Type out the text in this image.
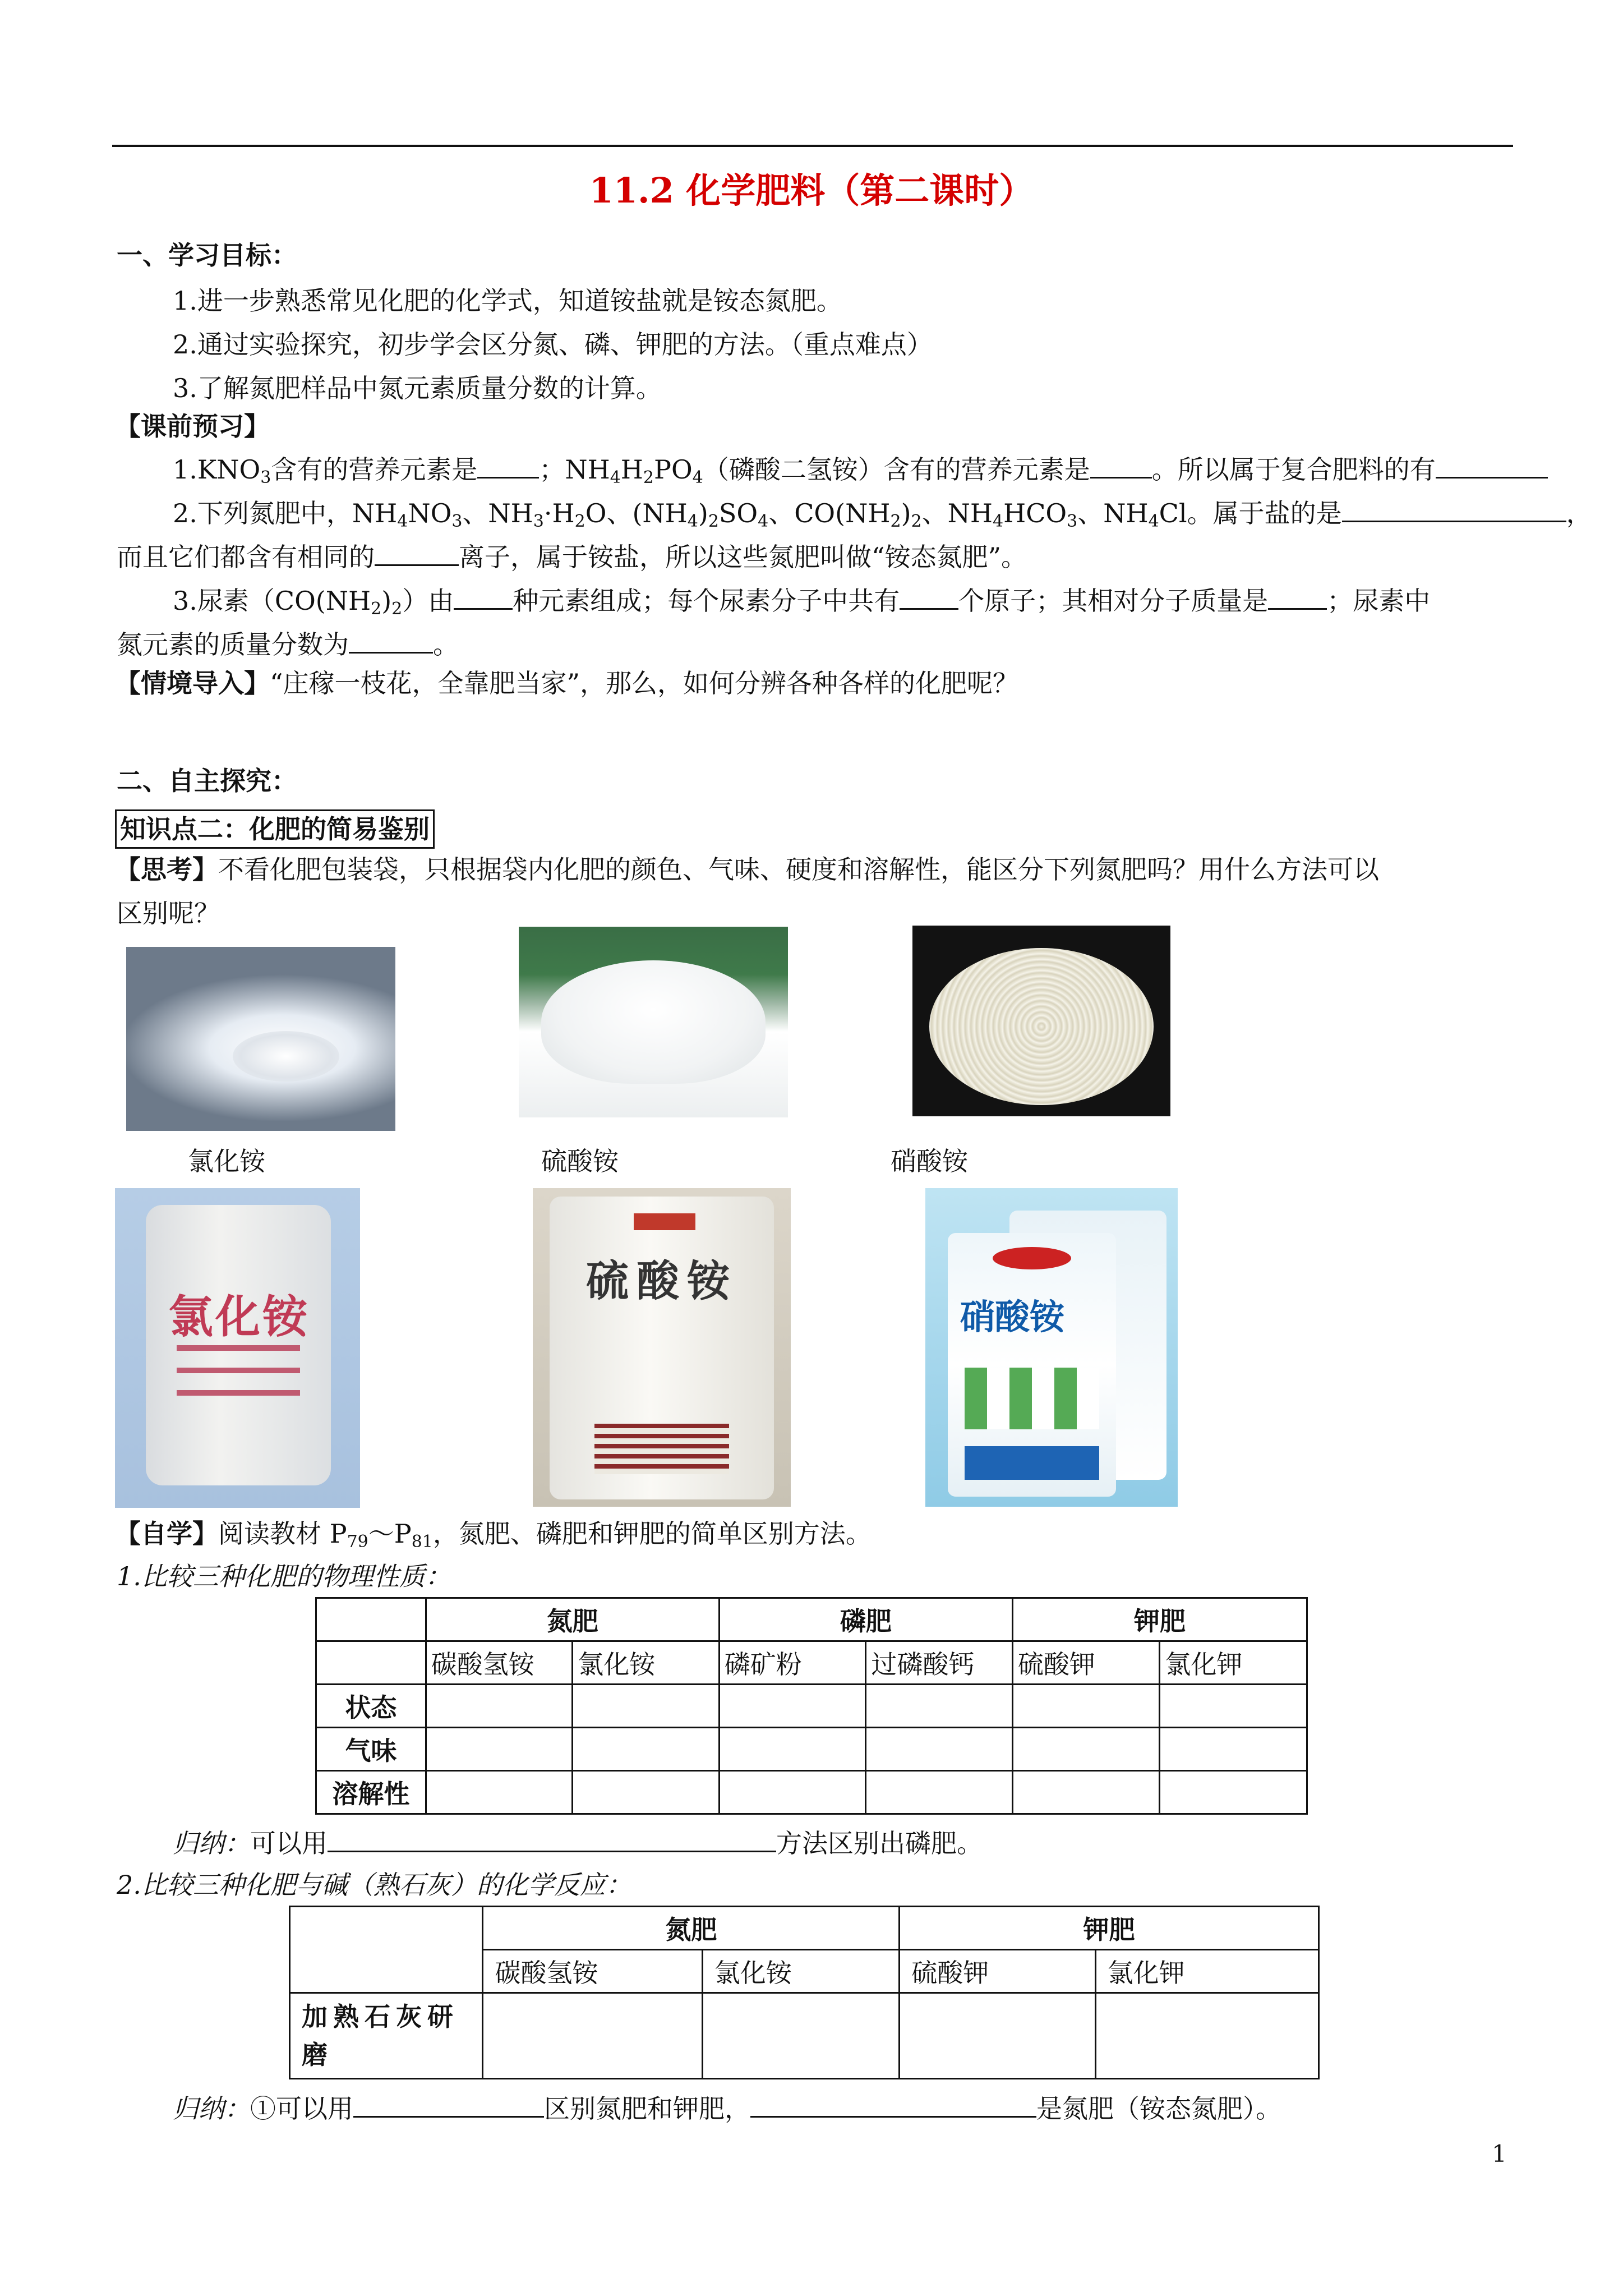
11.2 化学肥料（第二课时）
一、学习目标：
1.进一步熟悉常见化肥的化学式，知道铵盐就是铵态氮肥。
2.通过实验探究，初步学会区分氮、磷、钾肥的方法。（重点难点）
3.了解氮肥样品中氮元素质量分数的计算。
【课前预习】
$1.KNO_3$含有的营养元素是 ；$NH_4H_2PO_4$（磷酸二氢铵）含有的营养元素是 。所以属于复合肥料的有
2.下列氮肥中，$NH_4NO_3$、$NH_3\cdot H_2O$、$(NH_4)_2SO_4$、$CO(NH_2)_2$、$NH_4HCO_3$、$NH_4Cl$。属于盐的是	，
而且它们都含有相同的	离子，属于铵盐，所以这些氮肥叫做“铵态氮肥”。
3.尿素$(CO(NH_2)_2)$由 种元素组成；每个尿素分子中共有 个原子；其相对分子质量是 ；尿素中
氮元素的质量分数为	。
【情境导入】“庄稼一枝花，全靠肥当家”，那么，如何分辨各种各样的化肥呢？
二、自主探究：
知识点二：化肥的简易鉴别
【思考】不看化肥包装袋，只根据袋内化肥的颜色、气味、硬度和溶解性，能区分下列氮肥吗？用什么方法可以
区别呢？
氯化铵	硫酸铵	硝酸铵
氯化铵
硫酸铵
硝酸铵
【自学】阅读教材 $P_{79}\sim P_{81}$，氮肥、磷肥和钾肥的简单区别方法。
1.比较三种化肥的物理性质：
	氮肥		磷肥		钾肥	
	碳酸氢铵	氯化铵	磷矿粉	过磷酸钙	硫酸钾	氯化钾
状态						
气味						
溶解性						
归纳：可以用	方法区别出磷肥。
2.比较三种化肥与碱（熟石灰）的化学反应：
	氮肥		钾肥	
	碳酸氢铵	氯化铵	硫酸钾	氯化钾

加熟石灰研
磨				

归纳：①可以用	区别氮肥和钾肥，	是氮肥（铵态氮肥）。
1
